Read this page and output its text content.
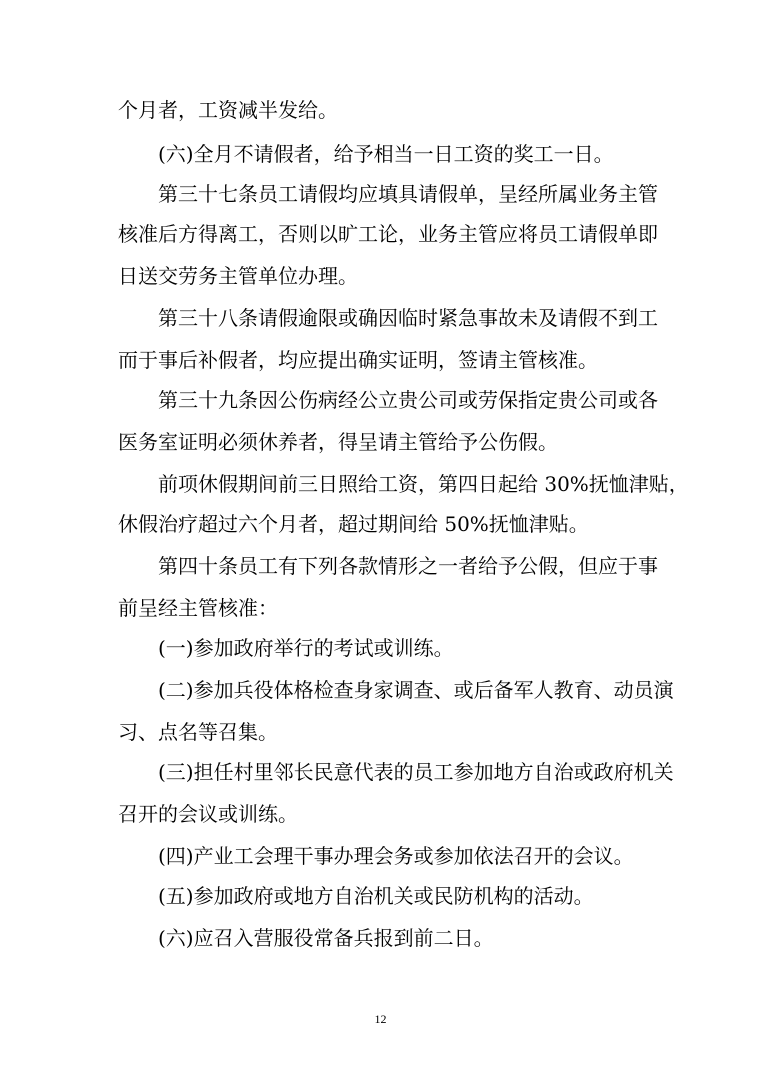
个月者，工资减半发给。
(六)全月不请假者，给予相当一日工资的奖工一日。
第三十七条员工请假均应填具请假单，呈经所属业务主管
核准后方得离工，否则以旷工论，业务主管应将员工请假单即
日送交劳务主管单位办理。
第三十八条请假逾限或确因临时紧急事故未及请假不到工
而于事后补假者，均应提出确实证明，签请主管核准。
第三十九条因公伤病经公立贵公司或劳保指定贵公司或各
医务室证明必须休养者，得呈请主管给予公伤假。
前项休假期间前三日照给工资，第四日起给 30%抚恤津贴，
休假治疗超过六个月者，超过期间给 50%抚恤津贴。
第四十条员工有下列各款情形之一者给予公假，但应于事
前呈经主管核准：
(一)参加政府举行的考试或训练。
(二)参加兵役体格检查身家调查、或后备军人教育、动员演
习、点名等召集。
(三)担任村里邻长民意代表的员工参加地方自治或政府机关
召开的会议或训练。
(四)产业工会理干事办理会务或参加依法召开的会议。
(五)参加政府或地方自治机关或民防机构的活动。
(六)应召入营服役常备兵报到前二日。
12
